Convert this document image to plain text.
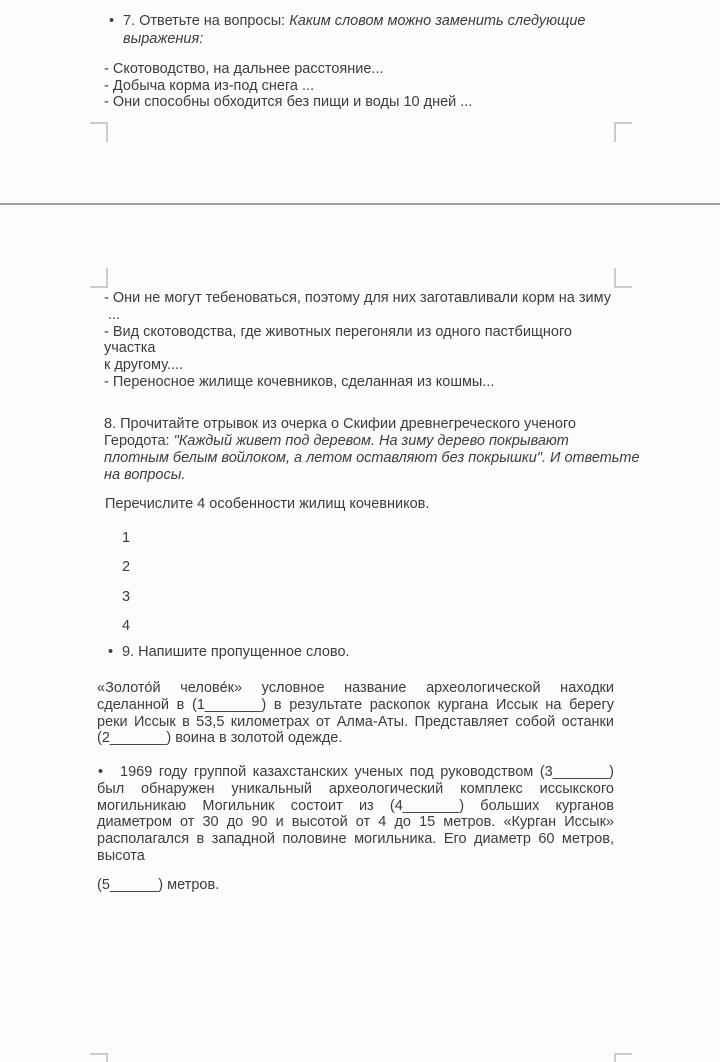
• 7. Ответьте на вопросы: Каким словом можно заменить следующие
выражения:
- Скотоводство, на дальнее расстояние...
- Добыча корма из-под снега ...
- Они способны обходится без пищи и воды 10 дней ...
- Они не могут тебеноваться, поэтому для них заготавливали корм на зиму
...
- Вид скотоводства, где животных перегоняли из одного пастбищного
участка
к другому....
- Переносное жилище кочевников, сделанная из кошмы...
8. Прочитайте отрывок из очерка о Скифии древнегреческого ученого
Геродота: "Каждый живет под деревом. На зиму дерево покрывают
плотным белым войлоком, а летом оставляют без покрышки". И ответьте
на вопросы.
Перечислите 4 особенности жилищ кочевников.
1
2
3
4
• 9. Напишите пропущенное слово.
«Золото́й челове́к» условное название археологической находки
сделанной в (1_______) в результате раскопок кургана Иссык на берегу
реки Иссык в 53,5 километрах от Алма-Аты. Представляет собой останки
(2_______) воина в золотой одежде.
• 1969 году группой казахстанских ученых под руководством (3_______)
был обнаружен уникальный археологический комплекс иссыкского
могильникаю Могильник состоит из (4_______) больших курганов
диаметром от 30 до 90 и высотой от 4 до 15 метров. «Курган Иссык»
располагался в западной половине могильника. Его диаметр 60 метров,
высота
(5______) метров.
